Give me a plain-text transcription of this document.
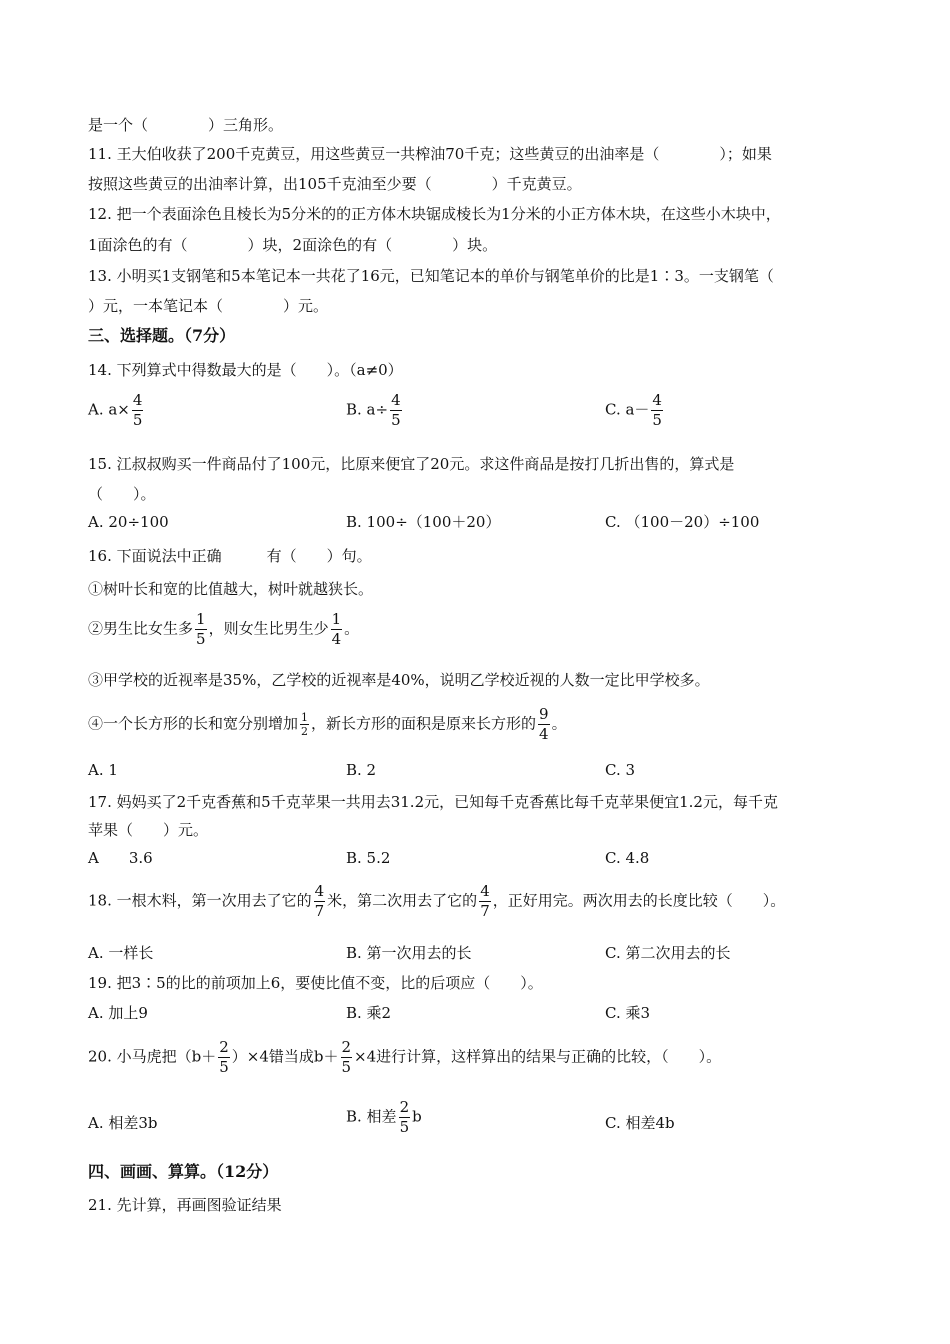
是一个（　　　　）三角形。
11. 王大伯收获了200千克黄豆，用这些黄豆一共榨油70千克；这些黄豆的出油率是（　　　　）；如果
按照这些黄豆的出油率计算，出105千克油至少要（　　　　）千克黄豆。
12. 把一个表面涂色且棱长为5分米的的正方体木块锯成棱长为1分米的小正方体木块，在这些小木块中，
1面涂色的有（　　　　）块，2面涂色的有（　　　　）块。
13. 小明买1支钢笔和5本笔记本一共花了16元，已知笔记本的单价与钢笔单价的比是1∶3。一支钢笔（
）元，一本笔记本（　　　　）元。
三、选择题。（7分）
14. 下列算式中得数最大的是（　　）。（a≠0）
A. $a\times \frac{4}{5}$	B. $a\div \frac{4}{5}$	C. $a- \frac{4}{5}$
15. 江叔叔购买一件商品付了100元，比原来便宜了20元。求这件商品是按打几折出售的，算式是
（　　）。
A. 20÷100	B. 100÷（100＋20）	C. （100－20）÷100
16. 下面说法中正确　　　有（　　）句。
①树叶长和宽的比值越大，树叶就越狭长。
②男生比女生多 $\frac{1}{5}$ ，则女生比男生少 $\frac{1}{4}$ 。
③甲学校的近视率是35%，乙学校的近视率是40%，说明乙学校近视的人数一定比甲学校多。
④一个长方形的长和宽分别增加 $\frac{1}{2}$ ，新长方形的面积是原来长方形的 $\frac{9}{4}$ 。
A. 1	B. 2	C. 3
17. 妈妈买了2千克香蕉和5千克苹果一共用去31.2元，已知每千克香蕉比每千克苹果便宜1.2元，每千克
苹果（　　）元。
A　　3.6	B. 5.2	C. 4.8
18. 一根木料，第一次用去了它的 $\frac{4}{7}$ 米，第二次用去了它的 $\frac{4}{7}$ ，正好用完。两次用去的长度比较（　　）。
A. 一样长	B. 第一次用去的长	C. 第二次用去的长
19. 把3∶5的比的前项加上6，要使比值不变，比的后项应（　　）。
A. 加上9	B. 乘2	C. 乘3
20. 小马虎把$(b+ \frac{2}{5} )\times 4$错当成$b+ \frac{2}{5} \times 4$进行计算，这样算出的结果与正确的比较，（　　）。
A. 相差3b	B. 相差 $\frac{2}{5}$ b	C. 相差4b
四、画画、算算。（12分）
21. 先计算，再画图验证结果
